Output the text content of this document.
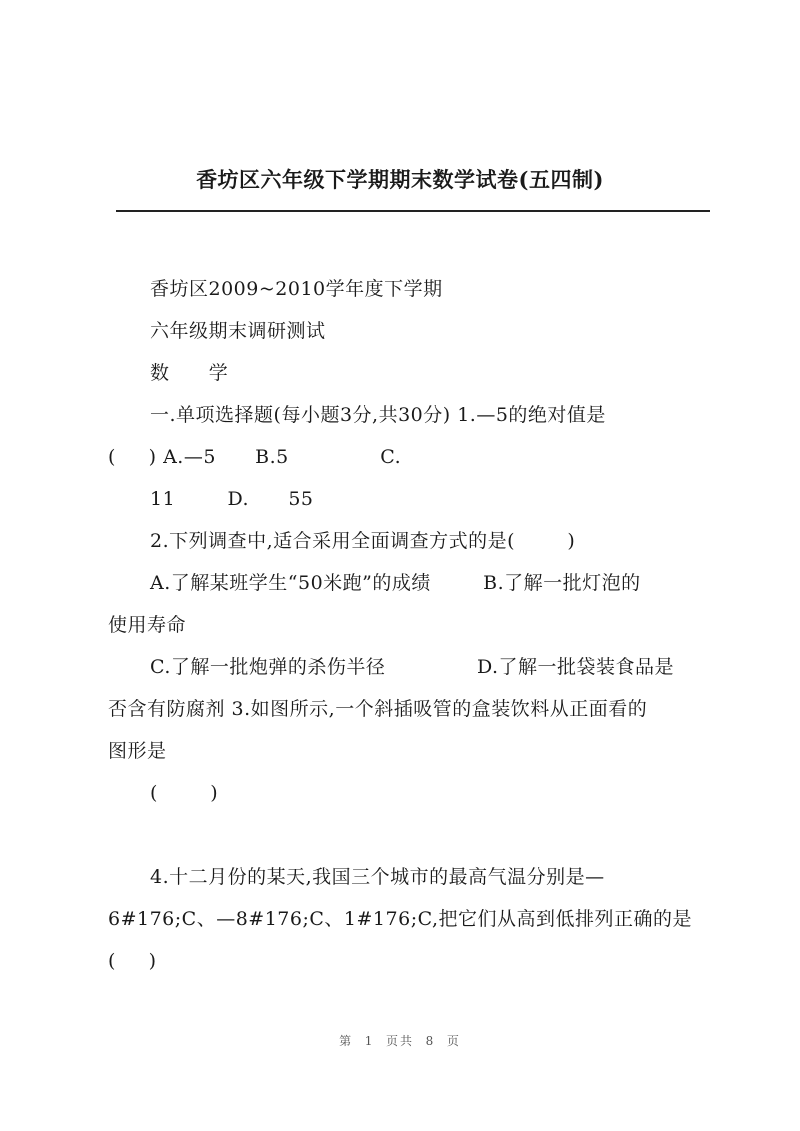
香坊区六年级下学期期末数学试卷(五四制)
香坊区2009~2010学年度下学期
六年级期末调研测试
数      学
一.单项选择题(每小题3分,共30分) 1.—5的绝对值是
(     ) A.—5      B.5              C.
11        D.      55
2.下列调查中,适合采用全面调查方式的是(        )
A.了解某班学生“50米跑”的成绩        B.了解一批灯泡的
使用寿命
C.了解一批炮弹的杀伤半径              D.了解一批袋装食品是
否含有防腐剂 3.如图所示,一个斜插吸管的盒装饮料从正面看的
图形是
(        )
4.十二月份的某天,我国三个城市的最高气温分别是—
6#176;C、—8#176;C、1#176;C,把它们从高到低排列正确的是
(     )
第  1  页共  8  页
